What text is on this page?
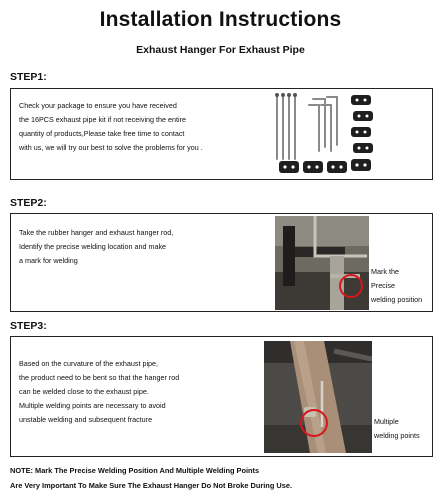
Installation Instructions
Exhaust Hanger For Exhaust Pipe
STEP1:
Check your package to ensure you have received
the 16PCS exhaust pipe kit if not receiving the entire
quantity of products,Please take free time to contact
with us, we will try our best to solve the problems for you .
STEP2:
Take the rubber hanger and exhaust hanger rod,
Identify the precise welding location and make
a mark for welding
Mark the
Precise
welding position
STEP3:
Based on the curvature of the exhaust pipe,
the product need to be bent so that the hanger rod
can be welded close to the exhaust pipe.
Multiple welding points are necessary to avoid
unstable welding and subsequent fracture	Multiple
welding points
NOTE: Mark The Precise Welding Position And Multiple Welding Points
Are Very Important To Make Sure The Exhaust Hanger Do Not Broke During Use.
